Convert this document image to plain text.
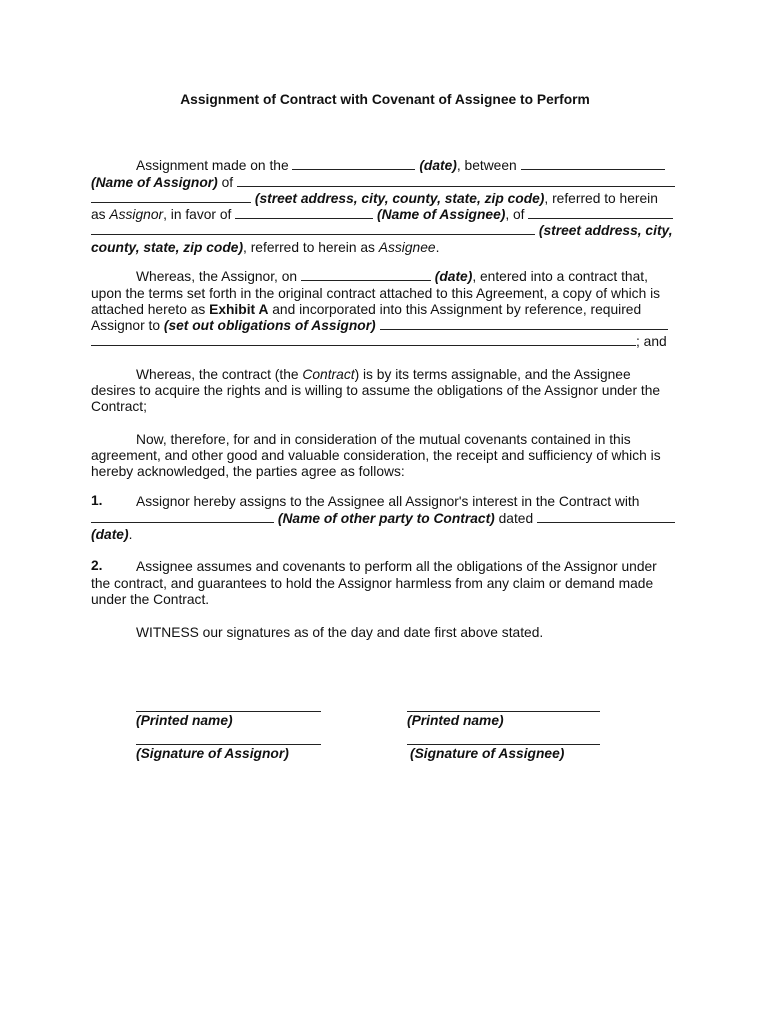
Assignment of Contract with Covenant of Assignee to Perform
Assignment made on the	(date), between
(Name of Assignor) of
(street address, city, county, state, zip code), referred to herein
as Assignor, in favor of	(Name of Assignee), of
(street address, city,
county, state, zip code), referred to herein as Assignee.
Whereas, the Assignor, on	(date), entered into a contract that,
upon the terms set forth in the original contract attached to this Agreement, a copy of which is
attached hereto as Exhibit A and incorporated into this Assignment by reference, required
Assignor to (set out obligations of Assignor)
; and
Whereas, the contract (the Contract) is by its terms assignable, and the Assignee
desires to acquire the rights and is willing to assume the obligations of the Assignor under the
Contract;
Now, therefore, for and in consideration of the mutual covenants contained in this
agreement, and other good and valuable consideration, the receipt and sufficiency of which is
hereby acknowledged, the parties agree as follows:
1. Assignor hereby assigns to the Assignee all Assignor's interest in the Contract with
(Name of other party to Contract) dated
(date).
2. Assignee assumes and covenants to perform all the obligations of the Assignor under
the contract, and guarantees to hold the Assignor harmless from any claim or demand made
under the Contract.
WITNESS our signatures as of the day and date first above stated.
(Printed name)
(Signature of Assignor)
(Printed name)
(Signature of Assignee)
